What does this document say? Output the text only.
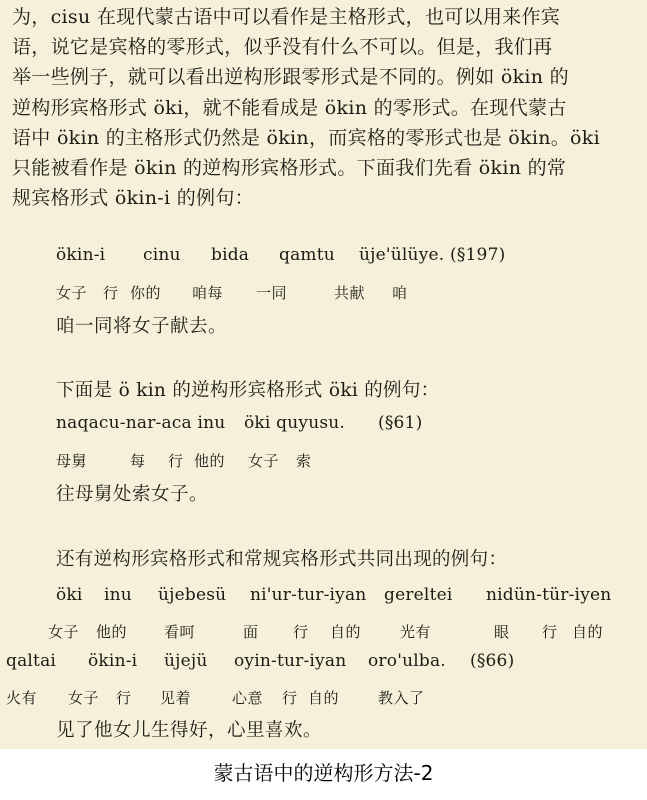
为，cisu 在现代蒙古语中可以看作是主格形式，也可以用来作宾
语，说它是宾格的零形式，似乎没有什么不可以。但是，我们再
举一些例子，就可以看出逆构形跟零形式是不同的。例如 ökin 的
逆构形宾格形式 öki，就不能看成是 ökin 的零形式。在现代蒙古
语中 ökin 的主格形式仍然是 ökin，而宾格的零形式也是 ökin。öki
只能被看作是 ökin 的逆构形宾格形式。下面我们先看 ökin 的常
规宾格形式 ökin-i 的例句：
ökin-i cinu bida qamtu üje'ülüye. (§197)
女子 行 你的 咱每 一同	共献 咱
咱一同将女子献去。
下面是 ö kin 的逆构形宾格形式 öki 的例句：
naqacu-nar-aca inu öki quyusu. (§61)
母舅	每 行 他的 女子 索
往母舅处索女子。
还有逆构形宾格形式和常规宾格形式共同出现的例句：
öki inu üjebesü ni'ur-tur-iyan gereltei nidün-tür-iyen
女子 他的 看呵	面 行 自的	光有	眼 行 自的
qaltai ökin-i üjejü oyin-tur-iyan oro'ulba. (§66)
火有 女子 行 见着	心意 行 自的	教入了
见了他女儿生得好，心里喜欢。
蒙古语中的逆构形方法-2
